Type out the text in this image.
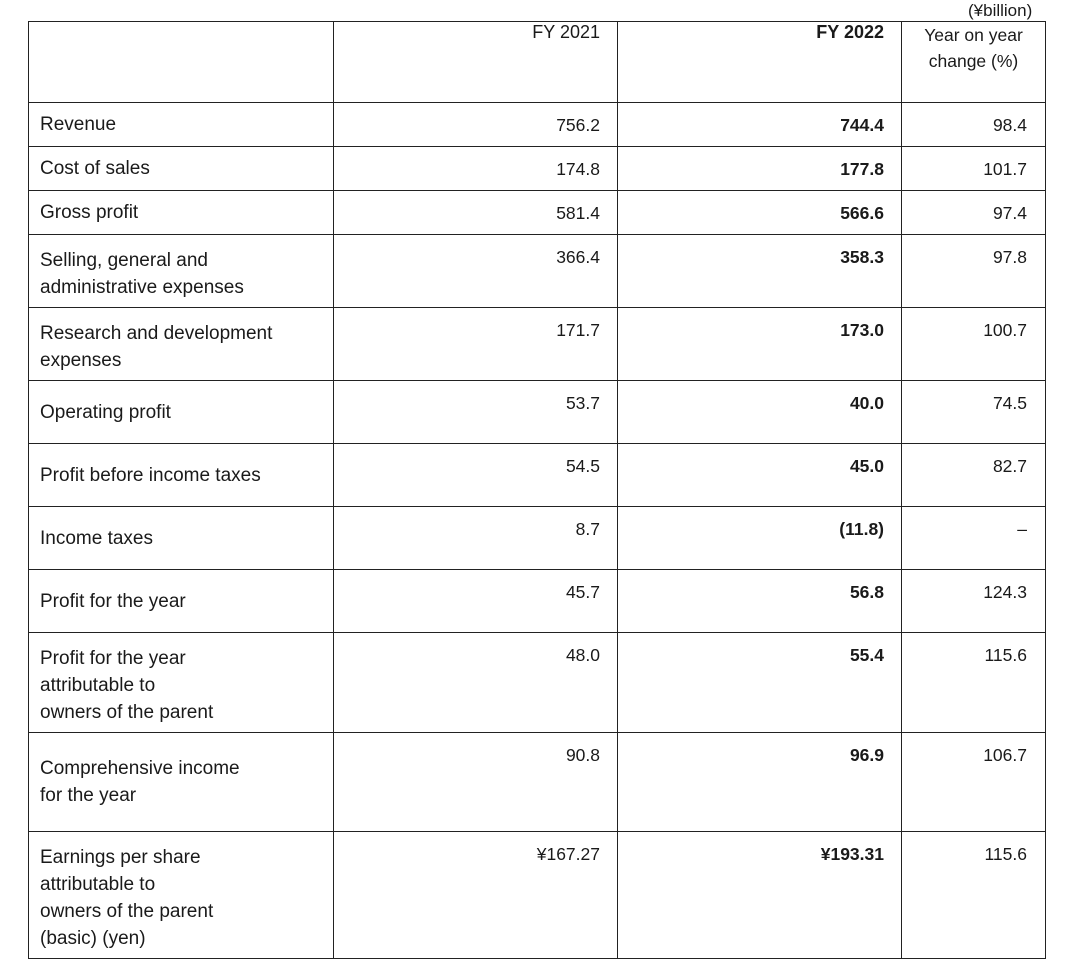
(¥billion)
	FY 2021	FY 2022	Year on year
change (%)
Revenue	756.2	744.4	98.4
Cost of sales	174.8	177.8	101.7
Gross profit	581.4	566.6	97.4
Selling, general and
administrative expenses	366.4	358.3	97.8
Research and development
expenses	171.7	173.0	100.7
Operating profit	53.7	40.0	74.5
Profit before income taxes	54.5	45.0	82.7
Income taxes	8.7	(11.8)	–
Profit for the year	45.7	56.8	124.3
Profit for the year
attributable to
owners of the parent	48.0	55.4	115.6
Comprehensive income
for the year	90.8	96.9	106.7
Earnings per share
attributable to
owners of the parent
(basic) (yen)	¥167.27	¥193.31	115.6
